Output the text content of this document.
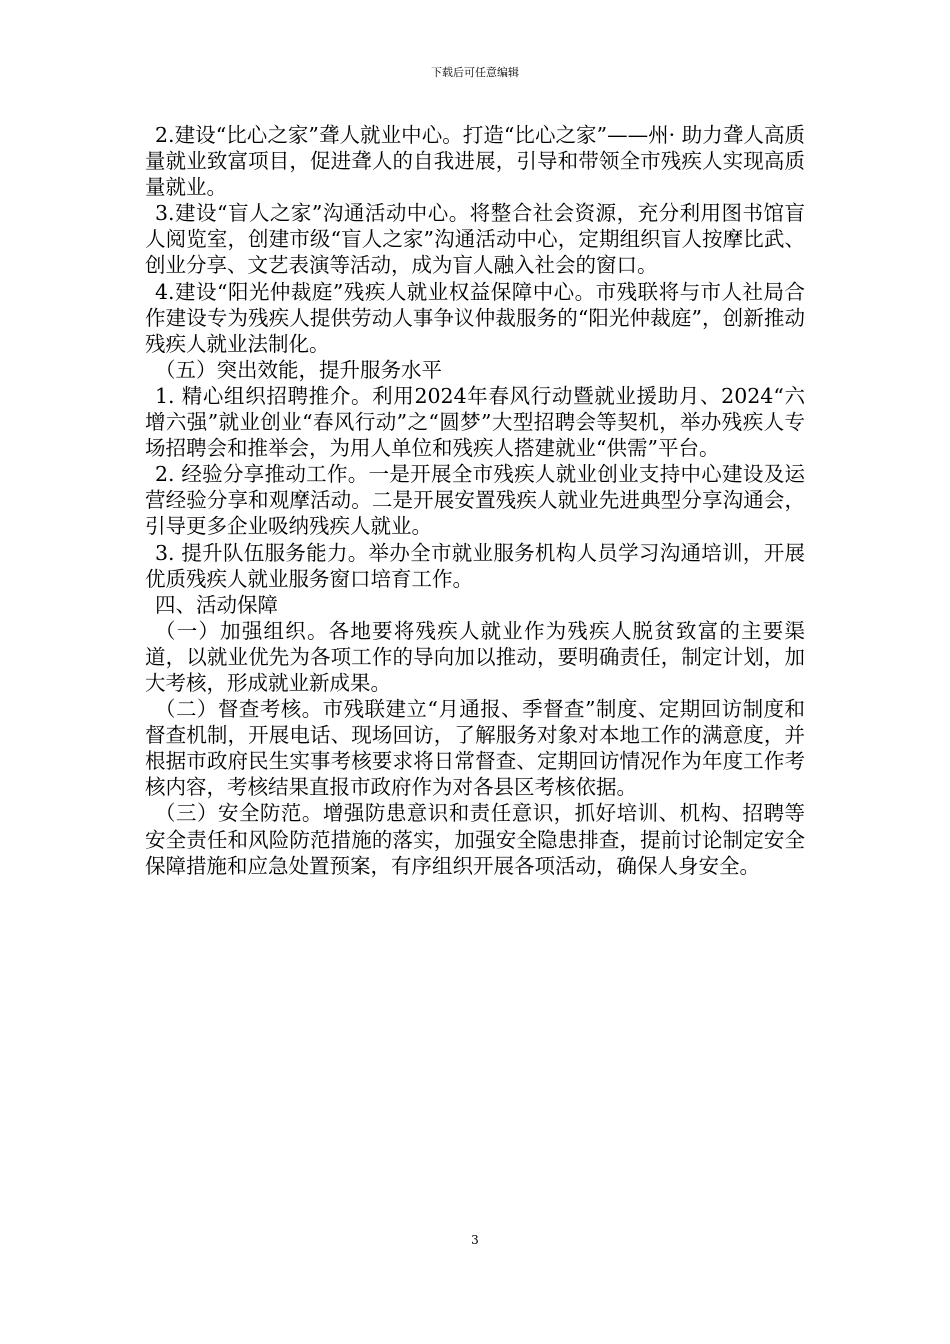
下载后可任意编辑

2.建设“比心之家”聋人就业中心。打造“比心之家”——州· 助力聋人高质量就业致富项目，促进聋人的自我进展，引导和带领全市残疾人实现高质量就业。

3.建设“盲人之家”沟通活动中心。将整合社会资源，充分利用图书馆盲人阅览室，创建市级“盲人之家”沟通活动中心，定期组织盲人按摩比武、创业分享、文艺表演等活动，成为盲人融入社会的窗口。

4.建设“阳光仲裁庭”残疾人就业权益保障中心。市残联将与市人社局合作建设专为残疾人提供劳动人事争议仲裁服务的“阳光仲裁庭”，创新推动残疾人就业法制化。

（五）突出效能，提升服务水平

1. 精心组织招聘推介。利用2024年春风行动暨就业援助月、2024“六增六强”就业创业“春风行动”之“圆梦”大型招聘会等契机，举办残疾人专场招聘会和推举会，为用人单位和残疾人搭建就业“供需”平台。

2. 经验分享推动工作。一是开展全市残疾人就业创业支持中心建设及运营经验分享和观摩活动。二是开展安置残疾人就业先进典型分享沟通会，引导更多企业吸纳残疾人就业。

3. 提升队伍服务能力。举办全市就业服务机构人员学习沟通培训，开展优质残疾人就业服务窗口培育工作。

四、活动保障

（一）加强组织。各地要将残疾人就业作为残疾人脱贫致富的主要渠道，以就业优先为各项工作的导向加以推动，要明确责任，制定计划，加大考核，形成就业新成果。

（二）督查考核。市残联建立“月通报、季督查”制度、定期回访制度和督查机制，开展电话、现场回访，了解服务对象对本地工作的满意度，并根据市政府民生实事考核要求将日常督查、定期回访情况作为年度工作考核内容，考核结果直报市政府作为对各县区考核依据。

（三）安全防范。增强防患意识和责任意识，抓好培训、机构、招聘等安全责任和风险防范措施的落实，加强安全隐患排查，提前讨论制定安全保障措施和应急处置预案，有序组织开展各项活动，确保人身安全。

3
